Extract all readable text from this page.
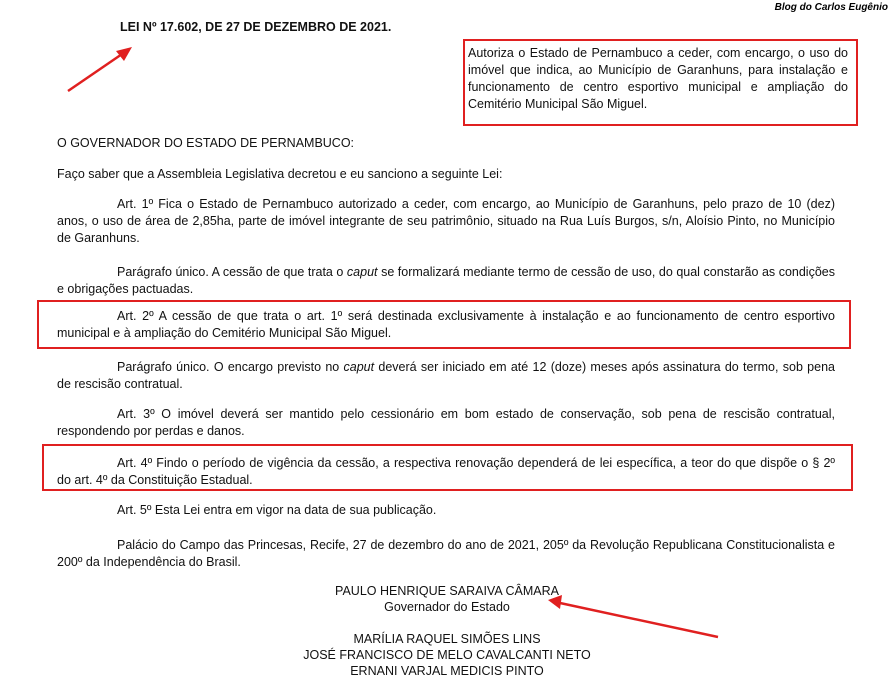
Blog do Carlos Eugênio
LEI Nº 17.602, DE 27 DE DEZEMBRO DE 2021.
Autoriza o Estado de Pernambuco a ceder, com encargo, o uso do imóvel que indica, ao Município de Garanhuns, para instalação e funcionamento de centro esportivo municipal e ampliação do Cemitério Municipal São Miguel.
O GOVERNADOR DO ESTADO DE PERNAMBUCO:
Faço saber que a Assembleia Legislativa decretou e eu sanciono a seguinte Lei:
Art. 1º Fica o Estado de Pernambuco autorizado a ceder, com encargo, ao Município de Garanhuns, pelo prazo de 10 (dez) anos, o uso de área de 2,85ha, parte de imóvel integrante de seu patrimônio, situado na Rua Luís Burgos, s/n, Aloísio Pinto, no Município de Garanhuns.
Parágrafo único. A cessão de que trata o caput se formalizará mediante termo de cessão de uso, do qual constarão as condições e obrigações pactuadas.
Art. 2º A cessão de que trata o art. 1º será destinada exclusivamente à instalação e ao funcionamento de centro esportivo municipal e à ampliação do Cemitério Municipal São Miguel.
Parágrafo único. O encargo previsto no caput deverá ser iniciado em até 12 (doze) meses após assinatura do termo, sob pena de rescisão contratual.
Art. 3º O imóvel deverá ser mantido pelo cessionário em bom estado de conservação, sob pena de rescisão contratual, respondendo por perdas e danos.
Art. 4º Findo o período de vigência da cessão, a respectiva renovação dependerá de lei específica, a teor do que dispõe o § 2º do art. 4º da Constituição Estadual.
Art. 5º Esta Lei entra em vigor na data de sua publicação.
Palácio do Campo das Princesas, Recife, 27 de dezembro do ano de 2021, 205º da Revolução Republicana Constitucionalista e 200º da Independência do Brasil.
PAULO HENRIQUE SARAIVA CÂMARA
Governador do Estado
MARÍLIA RAQUEL SIMÕES LINS
JOSÉ FRANCISCO DE MELO CAVALCANTI NETO
ERNANI VARJAL MEDICIS PINTO
